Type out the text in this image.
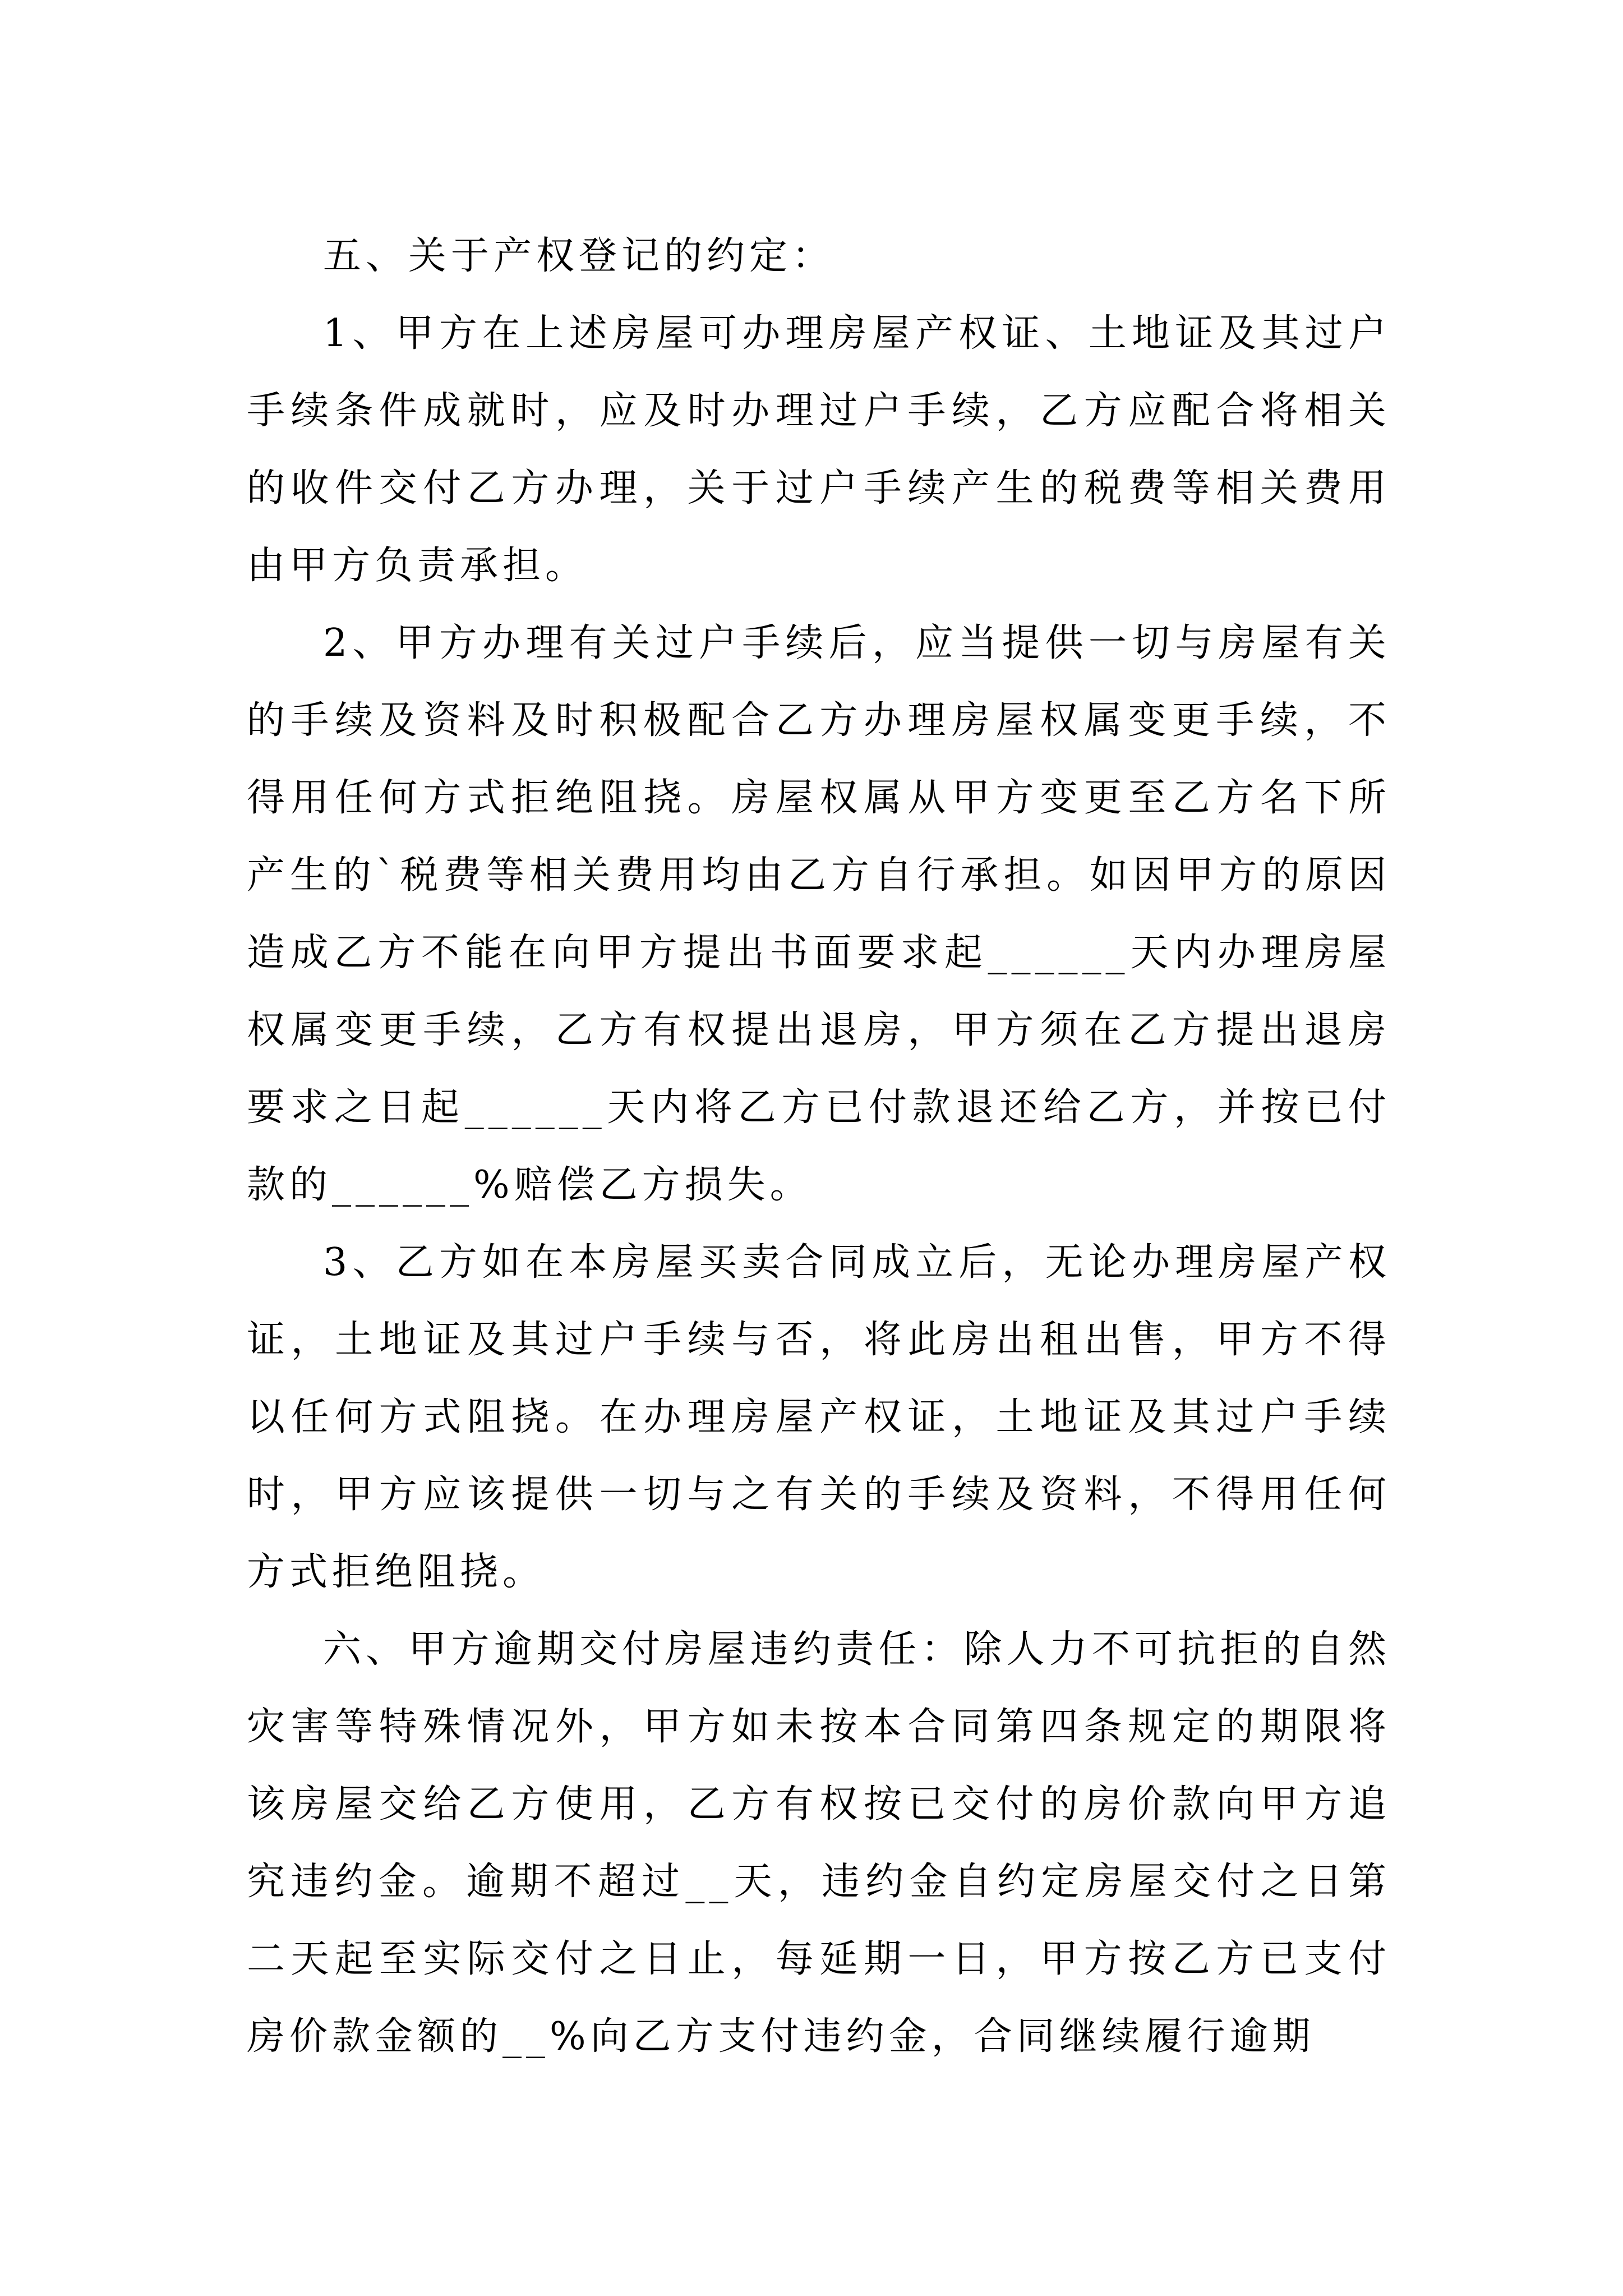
五、关于产权登记的约定：

1、甲方在上述房屋可办理房屋产权证、土地证及其过户手续条件成就时，应及时办理过户手续，乙方应配合将相关的收件交付乙方办理，关于过户手续产生的税费等相关费用由甲方负责承担。

2、甲方办理有关过户手续后，应当提供一切与房屋有关的手续及资料及时积极配合乙方办理房屋权属变更手续，不得用任何方式拒绝阻挠。房屋权属从甲方变更至乙方名下所产生的`税费等相关费用均由乙方自行承担。如因甲方的原因造成乙方不能在向甲方提出书面要求起______天内办理房屋权属变更手续，乙方有权提出退房，甲方须在乙方提出退房要求之日起______天内将乙方已付款退还给乙方，并按已付款的______%赔偿乙方损失。

3、乙方如在本房屋买卖合同成立后，无论办理房屋产权证，土地证及其过户手续与否，将此房出租出售，甲方不得以任何方式阻挠。在办理房屋产权证，土地证及其过户手续时，甲方应该提供一切与之有关的手续及资料，不得用任何方式拒绝阻挠。

六、甲方逾期交付房屋违约责任：除人力不可抗拒的自然灾害等特殊情况外，甲方如未按本合同第四条规定的期限将该房屋交给乙方使用，乙方有权按已交付的房价款向甲方追究违约金。逾期不超过__天，违约金自约定房屋交付之日第二天起至实际交付之日止，每延期一日，甲方按乙方已支付房价款金额的__%向乙方支付违约金，合同继续履行逾期
